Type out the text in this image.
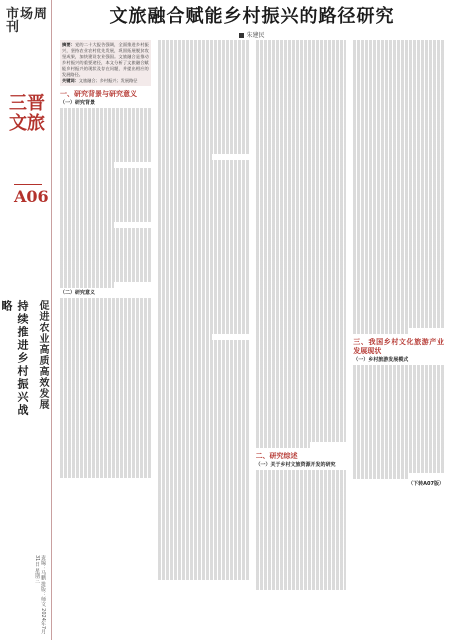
市场周刊
三晋文旅
A06
持续推进乡村振兴战略	促进农业高质高效发展
责编：马鹏 排版：师文 2024年7月31日 星期三
文旅融合赋能乡村振兴的路径研究
朱建民
摘要：党的二十大报告强调，全面推进乡村振兴，坚持农业农村优先发展，巩固拓展脱贫攻坚成果，加快建设农业强国。文旅融合是推动乡村振兴的重要途径，本文分析了文旅融合赋能乡村振兴的现状及存在问题，并提出相应的发展路径。
关键词：文旅融合；乡村振兴；发展路径
一、研究背景与研究意义
（一）研究背景
（二）研究意义
二、研究综述
（一）关于乡村文旅资源开发的研究
三、我国乡村文化旅游产业发展现状
（一）乡村旅游发展模式
（下转A07版）
